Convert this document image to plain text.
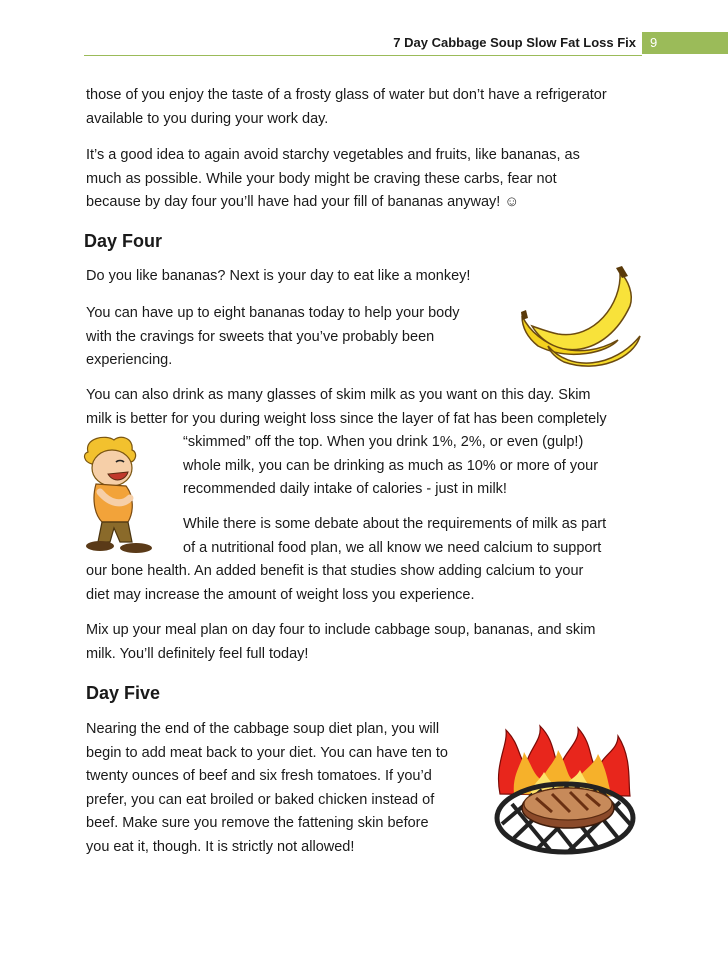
7 Day Cabbage Soup Slow Fat Loss Fix	9

those of you enjoy the taste of a frosty glass of water but don’t have a refrigerator
available to you during your work day.

It’s a good idea to again avoid starchy vegetables and fruits, like bananas, as
much as possible. While your body might be craving these carbs, fear not
because by day four you’ll have had your fill of bananas anyway! ☺

Day Four

Do you like bananas? Next is your day to eat like a monkey!

You can have up to eight bananas today to help your body
with the cravings for sweets that you’ve probably been
experiencing.

You can also drink as many glasses of skim milk as you want on this day. Skim
milk is better for you during weight loss since the layer of fat has been completely
“skimmed” off the top. When you drink 1%, 2%, or even (gulp!)
whole milk, you can be drinking as much as 10% or more of your
recommended daily intake of calories - just in milk!

While there is some debate about the requirements of milk as part
of a nutritional food plan, we all know we need calcium to support
our bone health. An added benefit is that studies show adding calcium to your
diet may increase the amount of weight loss you experience.

Mix up your meal plan on day four to include cabbage soup, bananas, and skim
milk. You’ll definitely feel full today!

Day Five

Nearing the end of the cabbage soup diet plan, you will
begin to add meat back to your diet. You can have ten to
twenty ounces of beef and six fresh tomatoes. If you’d
prefer, you can eat broiled or baked chicken instead of
beef. Make sure you remove the fattening skin before
you eat it, though. It is strictly not allowed!
